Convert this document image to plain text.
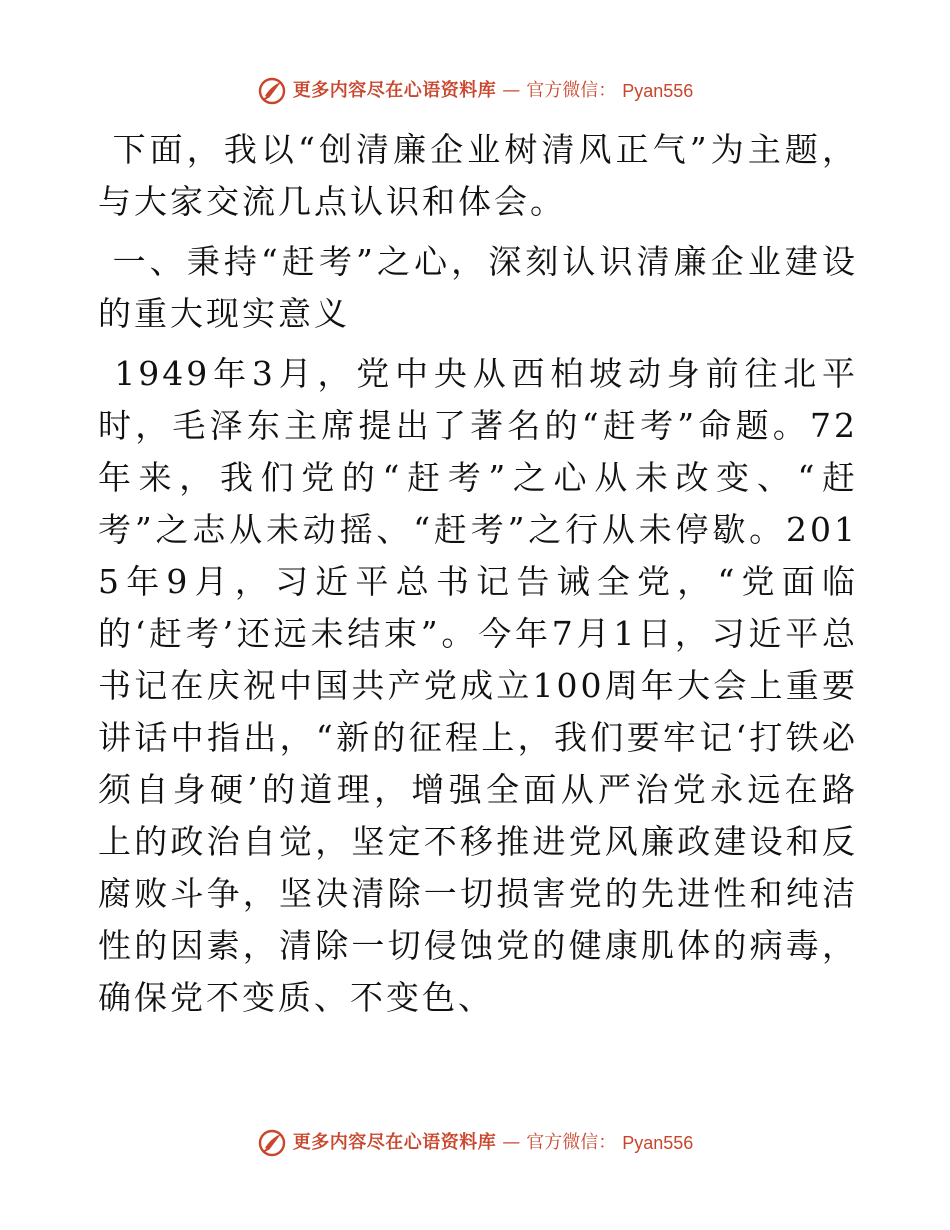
更多内容尽在心语资料库 — 官方微信： Pyan556

下面，我以“创清廉企业树清风正气”为主题，与大家交流几点认识和体会。

一、秉持“赶考”之心，深刻认识清廉企业建设的重大现实意义

1949年3月，党中央从西柏坡动身前往北平时，毛泽东主席提出了著名的“赶考”命题。72年来，我们党的“赶考”之心从未改变、“赶考”之志从未动摇、“赶考”之行从未停歇。2015年9月，习近平总书记告诫全党，“党面临的‘赶考’还远未结束”。今年7月1日，习近平总书记在庆祝中国共产党成立100周年大会上重要讲话中指出，“新的征程上，我们要牢记‘打铁必须自身硬’的道理，增强全面从严治党永远在路上的政治自觉，坚定不移推进党风廉政建设和反腐败斗争，坚决清除一切损害党的先进性和纯洁性的因素，清除一切侵蚀党的健康肌体的病毒，确保党不变质、不变色、

更多内容尽在心语资料库 — 官方微信： Pyan556
